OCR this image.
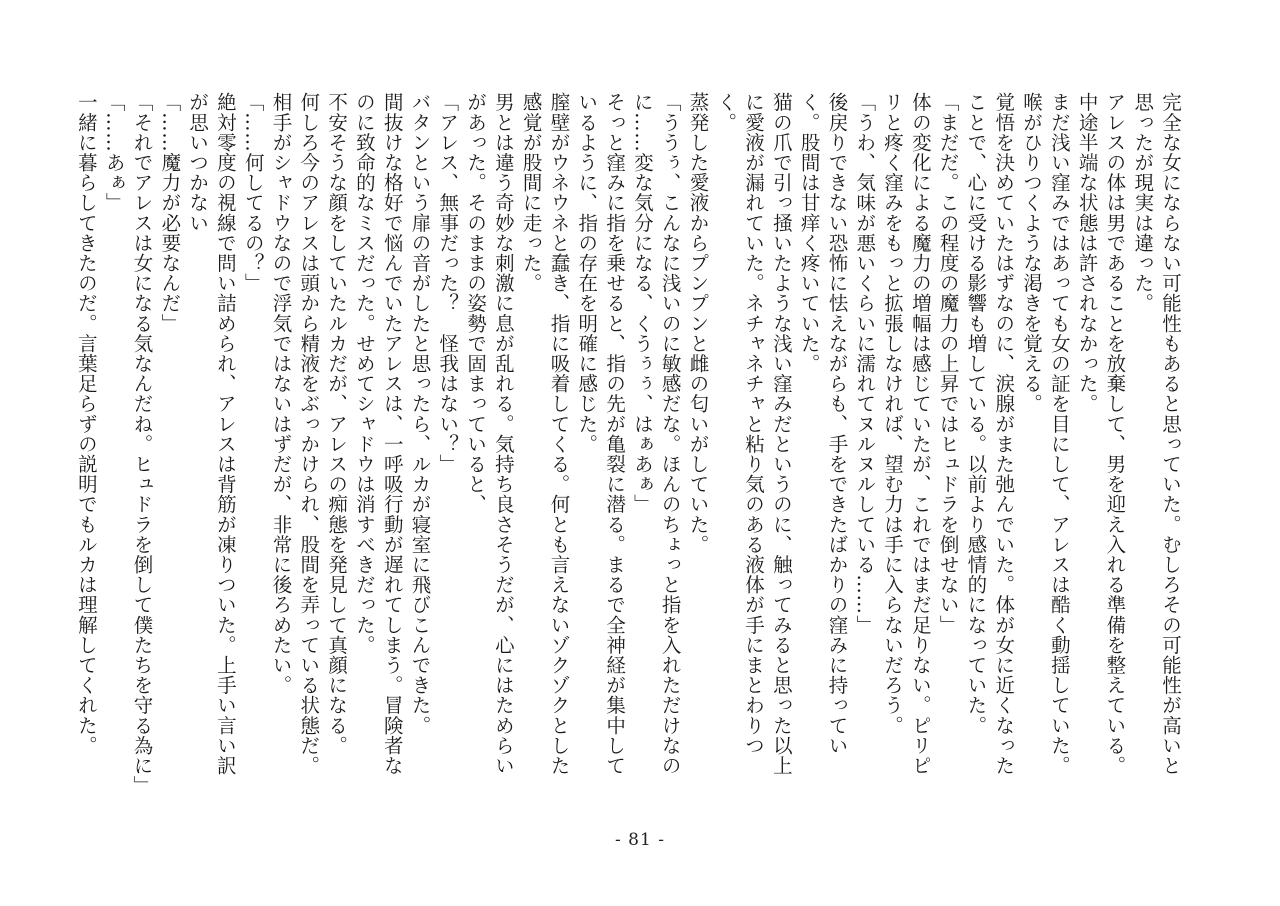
完全な女にならない可能性もあると思っていた。むしろその可能性が高いと思ったが現実は違った。

アレスの体は男であることを放棄して、男を迎え入れる準備を整えている。中途半端な状態は許されなかった。

まだ浅い窪みではあっても女の証を目にして、アレスは酷く動揺していた。喉がひりつくような渇きを覚える。

覚悟を決めていたはずなのに、涙腺がまた弛んでいた。体が女に近くなったことで、心に受ける影響も増している。以前より感情的になっていた。

「まだだ。この程度の魔力の上昇ではヒュドラを倒せない」

体の変化による魔力の増幅は感じていたが、これではまだ足りない。ピリピリと疼く窪みをもっと拡張しなければ、望む力は手に入らないだろう。

「うわ、気味が悪いくらいに濡れてヌルヌルしている……」

後戻りできない恐怖に怯えながらも、手をできたばかりの窪みに持っていく。股間は甘痒く疼いていた。

猫の爪で引っ掻いたような浅い窪みだというのに、触ってみると思った以上に愛液が漏れていた。ネチャネチャと粘り気のある液体が手にまとわりつく。

蒸発した愛液からプンプンと雌の匂いがしていた。

「ううぅ、こんなに浅いのに敏感だな。ほんのちょっと指を入れただけなのに……変な気分になる、くうぅぅ、はぁあぁ」

そっと窪みに指を乗せると、指の先が亀裂に潜る。まるで全神経が集中しているように、指の存在を明確に感じた。

膣壁がウネウネと蠢き、指に吸着してくる。何とも言えないゾクゾクとした感覚が股間に走った。

男とは違う奇妙な刺激に息が乱れる。気持ち良さそうだが、心にはためらいがあった。そのままの姿勢で固まっていると、

「アレス、無事だった？　怪我はない？」

バタンという扉の音がしたと思ったら、ルカが寝室に飛びこんできた。

間抜けな格好で悩んでいたアレスは、一呼吸行動が遅れてしまう。冒険者なのに致命的なミスだった。せめてシャドウは消すべきだった。

不安そうな顔をしていたルカだが、アレスの痴態を発見して真顔になる。

何しろ今のアレスは頭から精液をぶっかけられ、股間を弄っている状態だ。相手がシャドウなので浮気ではないはずだが、非常に後ろめたい。

「……何してるの？」

絶対零度の視線で問い詰められ、アレスは背筋が凍りついた。上手い言い訳が思いつかない

「……魔力が必要なんだ」

「それでアレスは女になる気なんだね。ヒュドラを倒して僕たちを守る為に」

「……あぁ」

一緒に暮らしてきたのだ。言葉足らずの説明でもルカは理解してくれた。

- 81 -
